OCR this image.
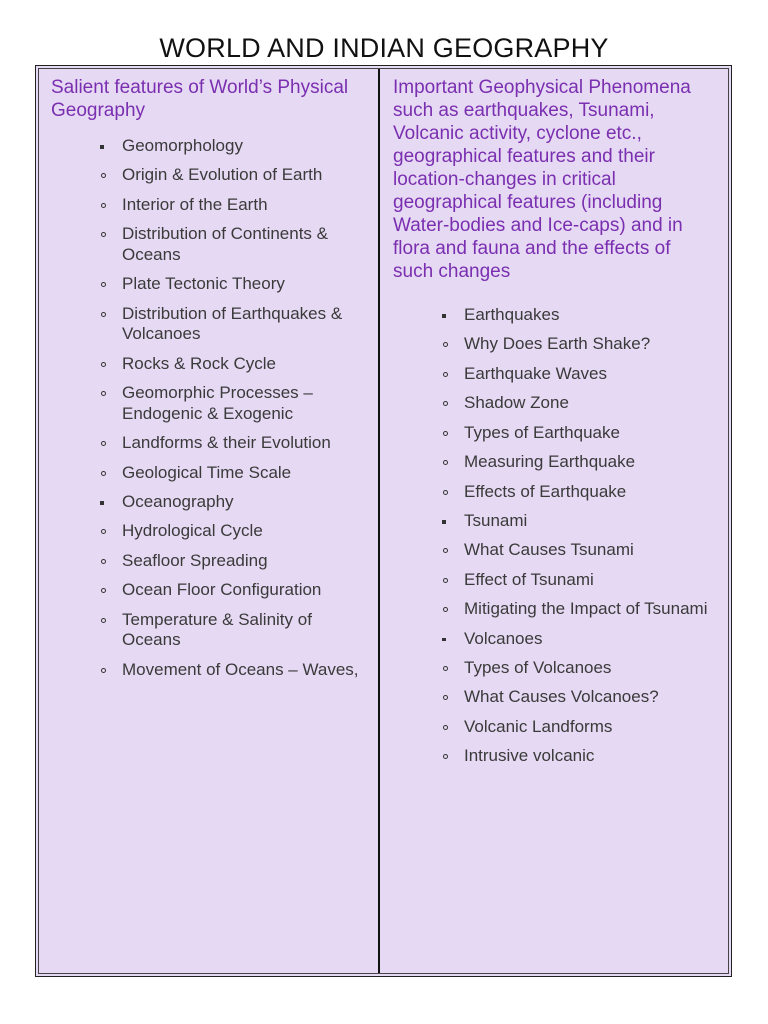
WORLD AND INDIAN GEOGRAPHY
Salient features of World’s Physical Geography
Geomorphology
Origin & Evolution of Earth
Interior of the Earth
Distribution of Continents & Oceans
Plate Tectonic Theory
Distribution of Earthquakes & Volcanoes
Rocks & Rock Cycle
Geomorphic Processes – Endogenic & Exogenic
Landforms & their Evolution
Geological Time Scale
Oceanography
Hydrological Cycle
Seafloor Spreading
Ocean Floor Configuration
Temperature & Salinity of Oceans
Movement of Oceans – Waves,
Important Geophysical Phenomena such as earthquakes, Tsunami, Volcanic activity, cyclone etc., geographical features and their location-changes in critical geographical features (including Water-bodies and Ice-caps) and in flora and fauna and the effects of such changes
Earthquakes
Why Does Earth Shake?
Earthquake Waves
Shadow Zone
Types of Earthquake
Measuring Earthquake
Effects of Earthquake
Tsunami
What Causes Tsunami
Effect of Tsunami
Mitigating the Impact of Tsunami
Volcanoes
Types of Volcanoes
What Causes Volcanoes?
Volcanic Landforms
Intrusive volcanic
